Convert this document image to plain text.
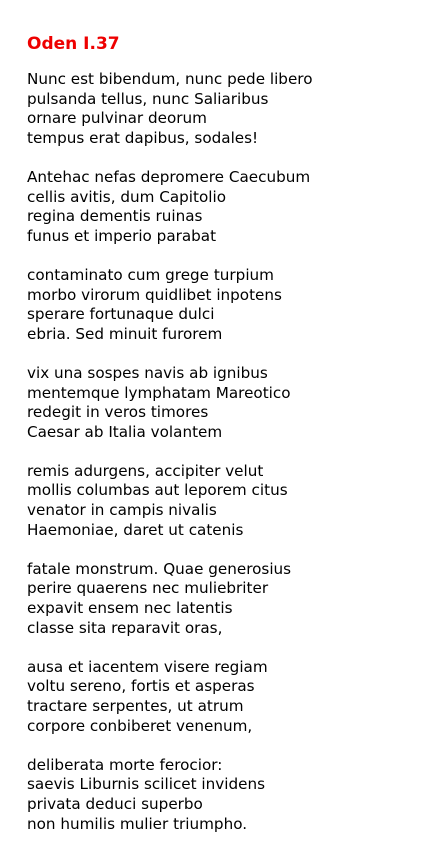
Oden I.37
Nunc est bibendum, nunc pede libero
pulsanda tellus, nunc Saliaribus
ornare pulvinar deorum
tempus erat dapibus, sodales!
Antehac nefas depromere Caecubum
cellis avitis, dum Capitolio
regina dementis ruinas
funus et imperio parabat
contaminato cum grege turpium
morbo virorum quidlibet inpotens
sperare fortunaque dulci
ebria. Sed minuit furorem
vix una sospes navis ab ignibus
mentemque lymphatam Mareotico
redegit in veros timores
Caesar ab Italia volantem
remis adurgens, accipiter velut
mollis columbas aut leporem citus
venator in campis nivalis
Haemoniae, daret ut catenis
fatale monstrum. Quae generosius
perire quaerens nec muliebriter
expavit ensem nec latentis
classe sita reparavit oras,
ausa et iacentem visere regiam
voltu sereno, fortis et asperas
tractare serpentes, ut atrum
corpore conbiberet venenum,
deliberata morte ferocior:
saevis Liburnis scilicet invidens
privata deduci superbo
non humilis mulier triumpho.
